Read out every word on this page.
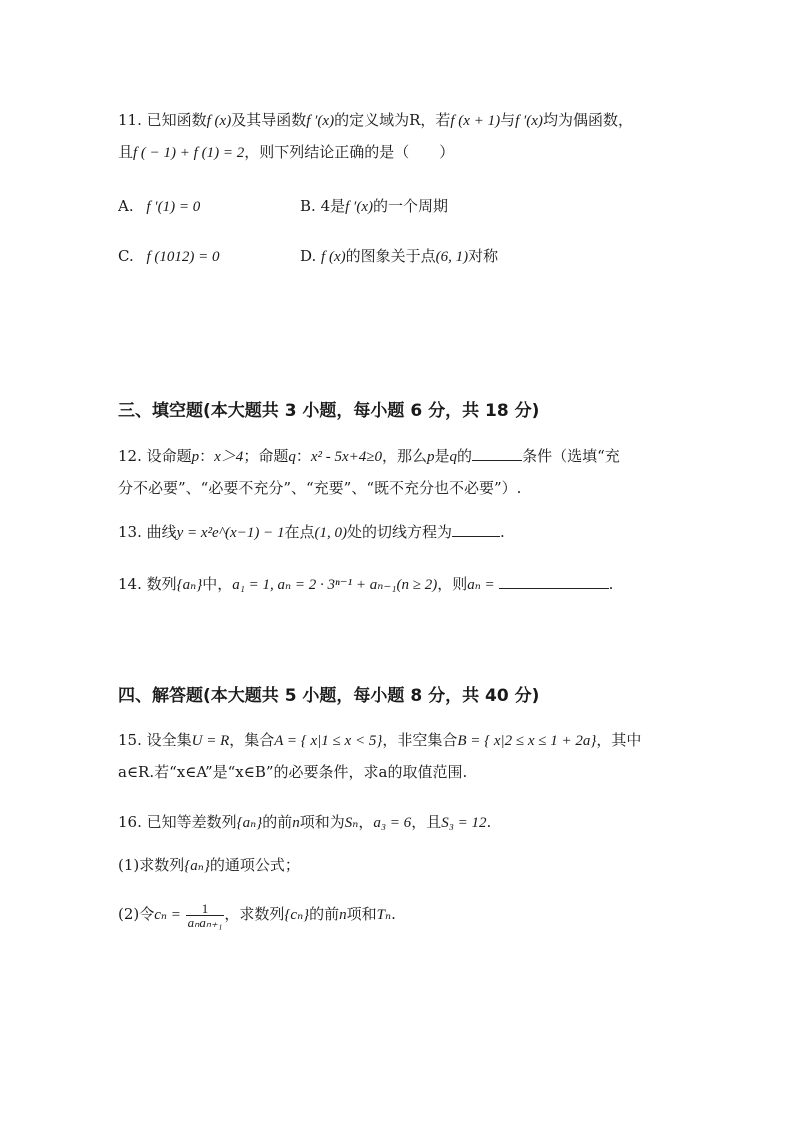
11. 已知函数f (x)及其导函数f ′(x)的定义域为R，若f (x + 1)与f ′(x)均为偶函数，
且f ( − 1) + f (1) = 2，则下列结论正确的是（　　）
A. f ′(1) = 0	B. 4是f ′(x)的一个周期
C. f (1012) = 0	D. f (x)的图象关于点(6, 1)对称
三、填空题(本大题共 3 小题，每小题 6 分，共 18 分)
12. 设命题p：x＞4；命题q：x² - 5x+4≥0，那么p是q的	条件（选填“充
分不必要”、“必要不充分”、“充要”、“既不充分也不必要”）.
13. 曲线y = x²e^(x−1) − 1在点(1, 0)处的切线方程为	.
14. 数列{aₙ}中，a₁ = 1, aₙ = 2 · 3ⁿ⁻¹ + aₙ₋₁(n ≥ 2)，则aₙ =	.
四、解答题(本大题共 5 小题，每小题 8 分，共 40 分)
15. 设全集U = R，集合A = { x|1 ≤ x < 5}，非空集合B = { x|2 ≤ x ≤ 1 + 2a}，其中
a∈R.若“x∈A”是“x∈B”的必要条件，求a的取值范围.
16. 已知等差数列{aₙ}的前n项和为Sₙ，a₃ = 6，且S₃ = 12.
(1)求数列{aₙ}的通项公式；
(2)令$c_n = \frac{1}{\text{aₙaₙ₊₁}}$ ，求数列{cₙ}的前n项和Tₙ.
